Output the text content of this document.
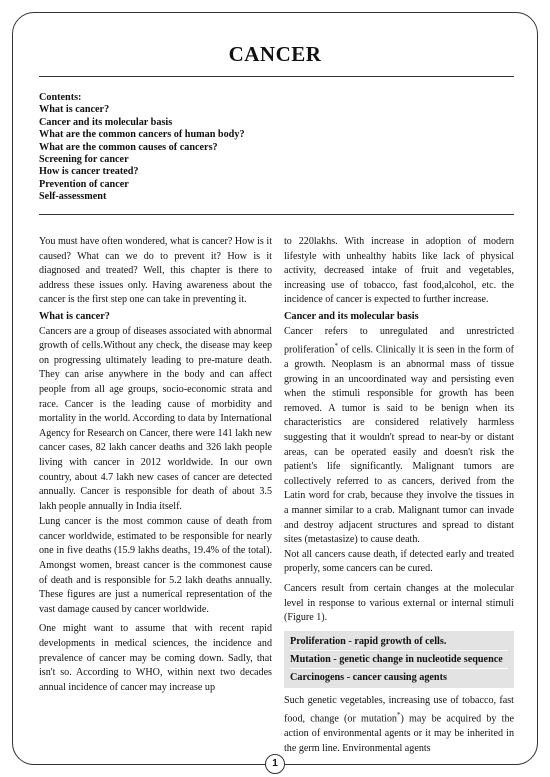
CANCER
Contents:
What is cancer?
Cancer and its molecular basis
What are the common cancers of human body?
What are the common causes of cancers?
Screening for cancer
How is cancer treated?
Prevention of cancer
Self-assessment

You must have often wondered, what is cancer? How is it caused? What can we do to prevent it? How is it diagnosed and treated? Well, this chapter is there to address these issues only. Having awareness about the cancer is the first step one can take in preventing it.

What is cancer?

Cancers are a group of diseases associated with abnormal growth of cells.Without any check, the disease may keep on progressing ultimately leading to pre-mature death. They can arise anywhere in the body and can affect people from all age groups, socio-economic strata and race. Cancer is the leading cause of morbidity and mortality in the world. According to data by International Agency for Research on Cancer, there were 141 lakh new cancer cases, 82 lakh cancer deaths and 326 lakh people living with cancer in 2012 worldwide. In our own country, about 4.7 lakh new cases of cancer are detected annually. Cancer is responsible for death of about 3.5 lakh people annually in India itself.

Lung cancer is the most common cause of death from cancer worldwide, estimated to be responsible for nearly one in five deaths (15.9 lakhs deaths, 19.4% of the total). Amongst women, breast cancer is the commonest cause of death and is responsible for 5.2 lakh deaths annually. These figures are just a numerical representation of the vast damage caused by cancer worldwide.

One might want to assume that with recent rapid developments in medical sciences, the incidence and prevalence of cancer may be coming down. Sadly, that isn't so. According to WHO, within next two decades annual incidence of cancer may increase up

to 220lakhs. With increase in adoption of modern lifestyle with unhealthy habits like lack of physical activity, decreased intake of fruit and vegetables, increasing use of tobacco, fast food,alcohol, etc. the incidence of cancer is expected to further increase.

Cancer and its molecular basis

Cancer refers to unregulated and unrestricted proliferation* of cells. Clinically it is seen in the form of a growth. Neoplasm is an abnormal mass of tissue growing in an uncoordinated way and persisting even when the stimuli responsible for growth has been removed. A tumor is said to be benign when its characteristics are considered relatively harmless suggesting that it wouldn't spread to near-by or distant areas, can be operated easily and doesn't risk the patient's life significantly. Malignant tumors are collectively referred to as cancers, derived from the Latin word for crab, because they involve the tissues in a manner similar to a crab. Malignant tumor can invade and destroy adjacent structures and spread to distant sites (metastasize) to cause death.

Not all cancers cause death, if detected early and treated properly, some cancers can be cured.

Cancers result from certain changes at the molecular level in response to various external or internal stimuli (Figure 1).

Proliferation - rapid growth of cells.
Mutation - genetic change in nucleotide sequence
Carcinogens - cancer causing agents

Such genetic vegetables, increasing use of tobacco, fast food, change (or mutation*) may be acquired by the action of environmental agents or it may be inherited in the germ line. Environmental agents

1
